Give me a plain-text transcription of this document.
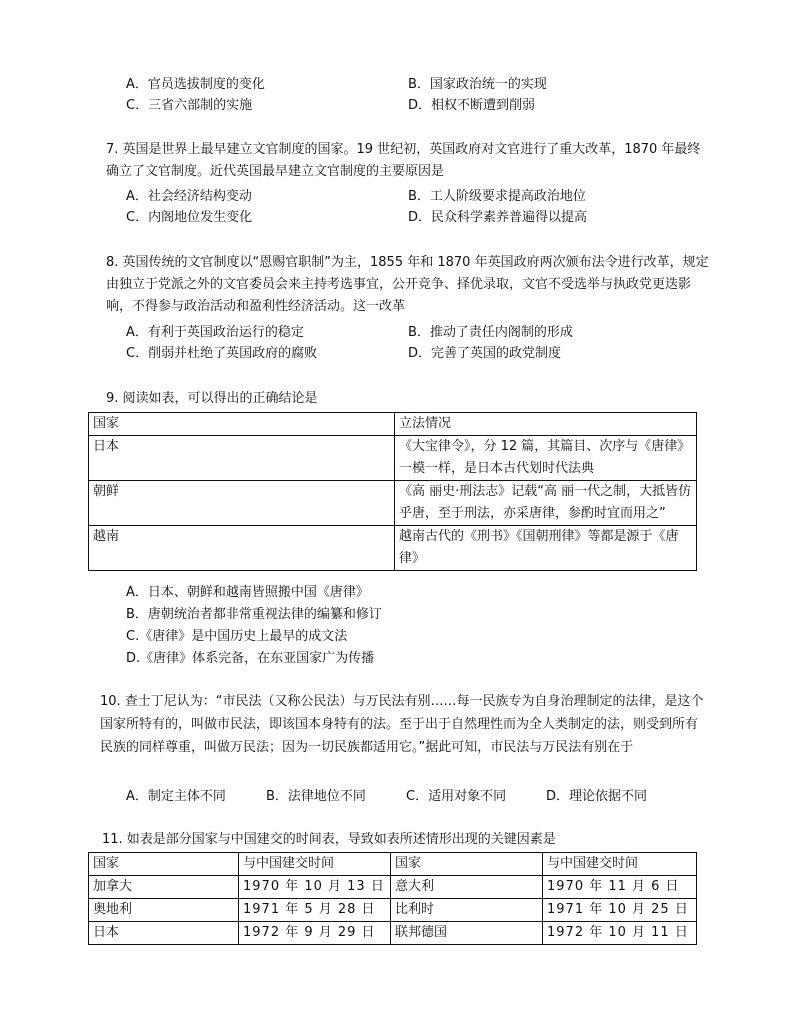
A．官员选拔制度的变化	B．国家政治统一的实现
C．三省六部制的实施	D．相权不断遭到削弱

7. 英国是世界上最早建立文官制度的国家。19 世纪初，英国政府对文官进行了重大改革，1870 年最终确立了文官制度。近代英国最早建立文官制度的主要原因是

A．社会经济结构变动	B．工人阶级要求提高政治地位
C．内阁地位发生变化	D．民众科学素养普遍得以提高

8. 英国传统的文官制度以“恩赐官职制”为主，1855 年和 1870 年英国政府两次颁布法令进行改革，规定由独立于党派之外的文官委员会来主持考选事宜，公开竞争、择优录取，文官不受选举与执政党更迭影响，不得参与政治活动和盈利性经济活动。这一改革

A．有利于英国政治运行的稳定	B．推动了责任内阁制的形成
C．削弱并杜绝了英国政府的腐败	D．完善了英国的政党制度

9. 阅读如表，可以得出的正确结论是

国家	立法情况
日本	《大宝律令》，分 12 篇，其篇目、次序与《唐律》一模一样，是日本古代划时代法典
朝鲜	《高 丽史·刑法志》记载“高 丽一代之制，大抵皆仿乎唐，至于刑法，亦采唐律，参酌时宜而用之”
越南	越南古代的《刑书》《国朝刑律》等都是源于《唐律》
A．日本、朝鲜和越南皆照搬中国《唐律》
B．唐朝统治者都非常重视法律的编纂和修订
C.《唐律》是中国历史上最早的成文法
D.《唐律》体系完备，在东亚国家广为传播

10. 查士丁尼认为：“市民法（又称公民法）与万民法有别……每一民族专为自身治理制定的法律，是这个国家所特有的，叫做市民法，即该国本身特有的法。至于出于自然理性而为全人类制定的法，则受到所有民族的同样尊重，叫做万民法；因为一切民族都适用它。”据此可知，市民法与万民法有别在于

A．制定主体不同	B．法律地位不同	C．适用对象不同	D．理论依据不同

11. 如表是部分国家与中国建交的时间表，导致如表所述情形出现的关键因素是

国家	与中国建交时间	国家	与中国建交时间
加拿大	1970 年 10 月 13 日	意大利	1970 年 11 月 6 日
奥地利	1971 年 5 月 28 日	比利时	1971 年 10 月 25 日
日本	1972 年 9 月 29 日	联邦德国	1972 年 10 月 11 日
